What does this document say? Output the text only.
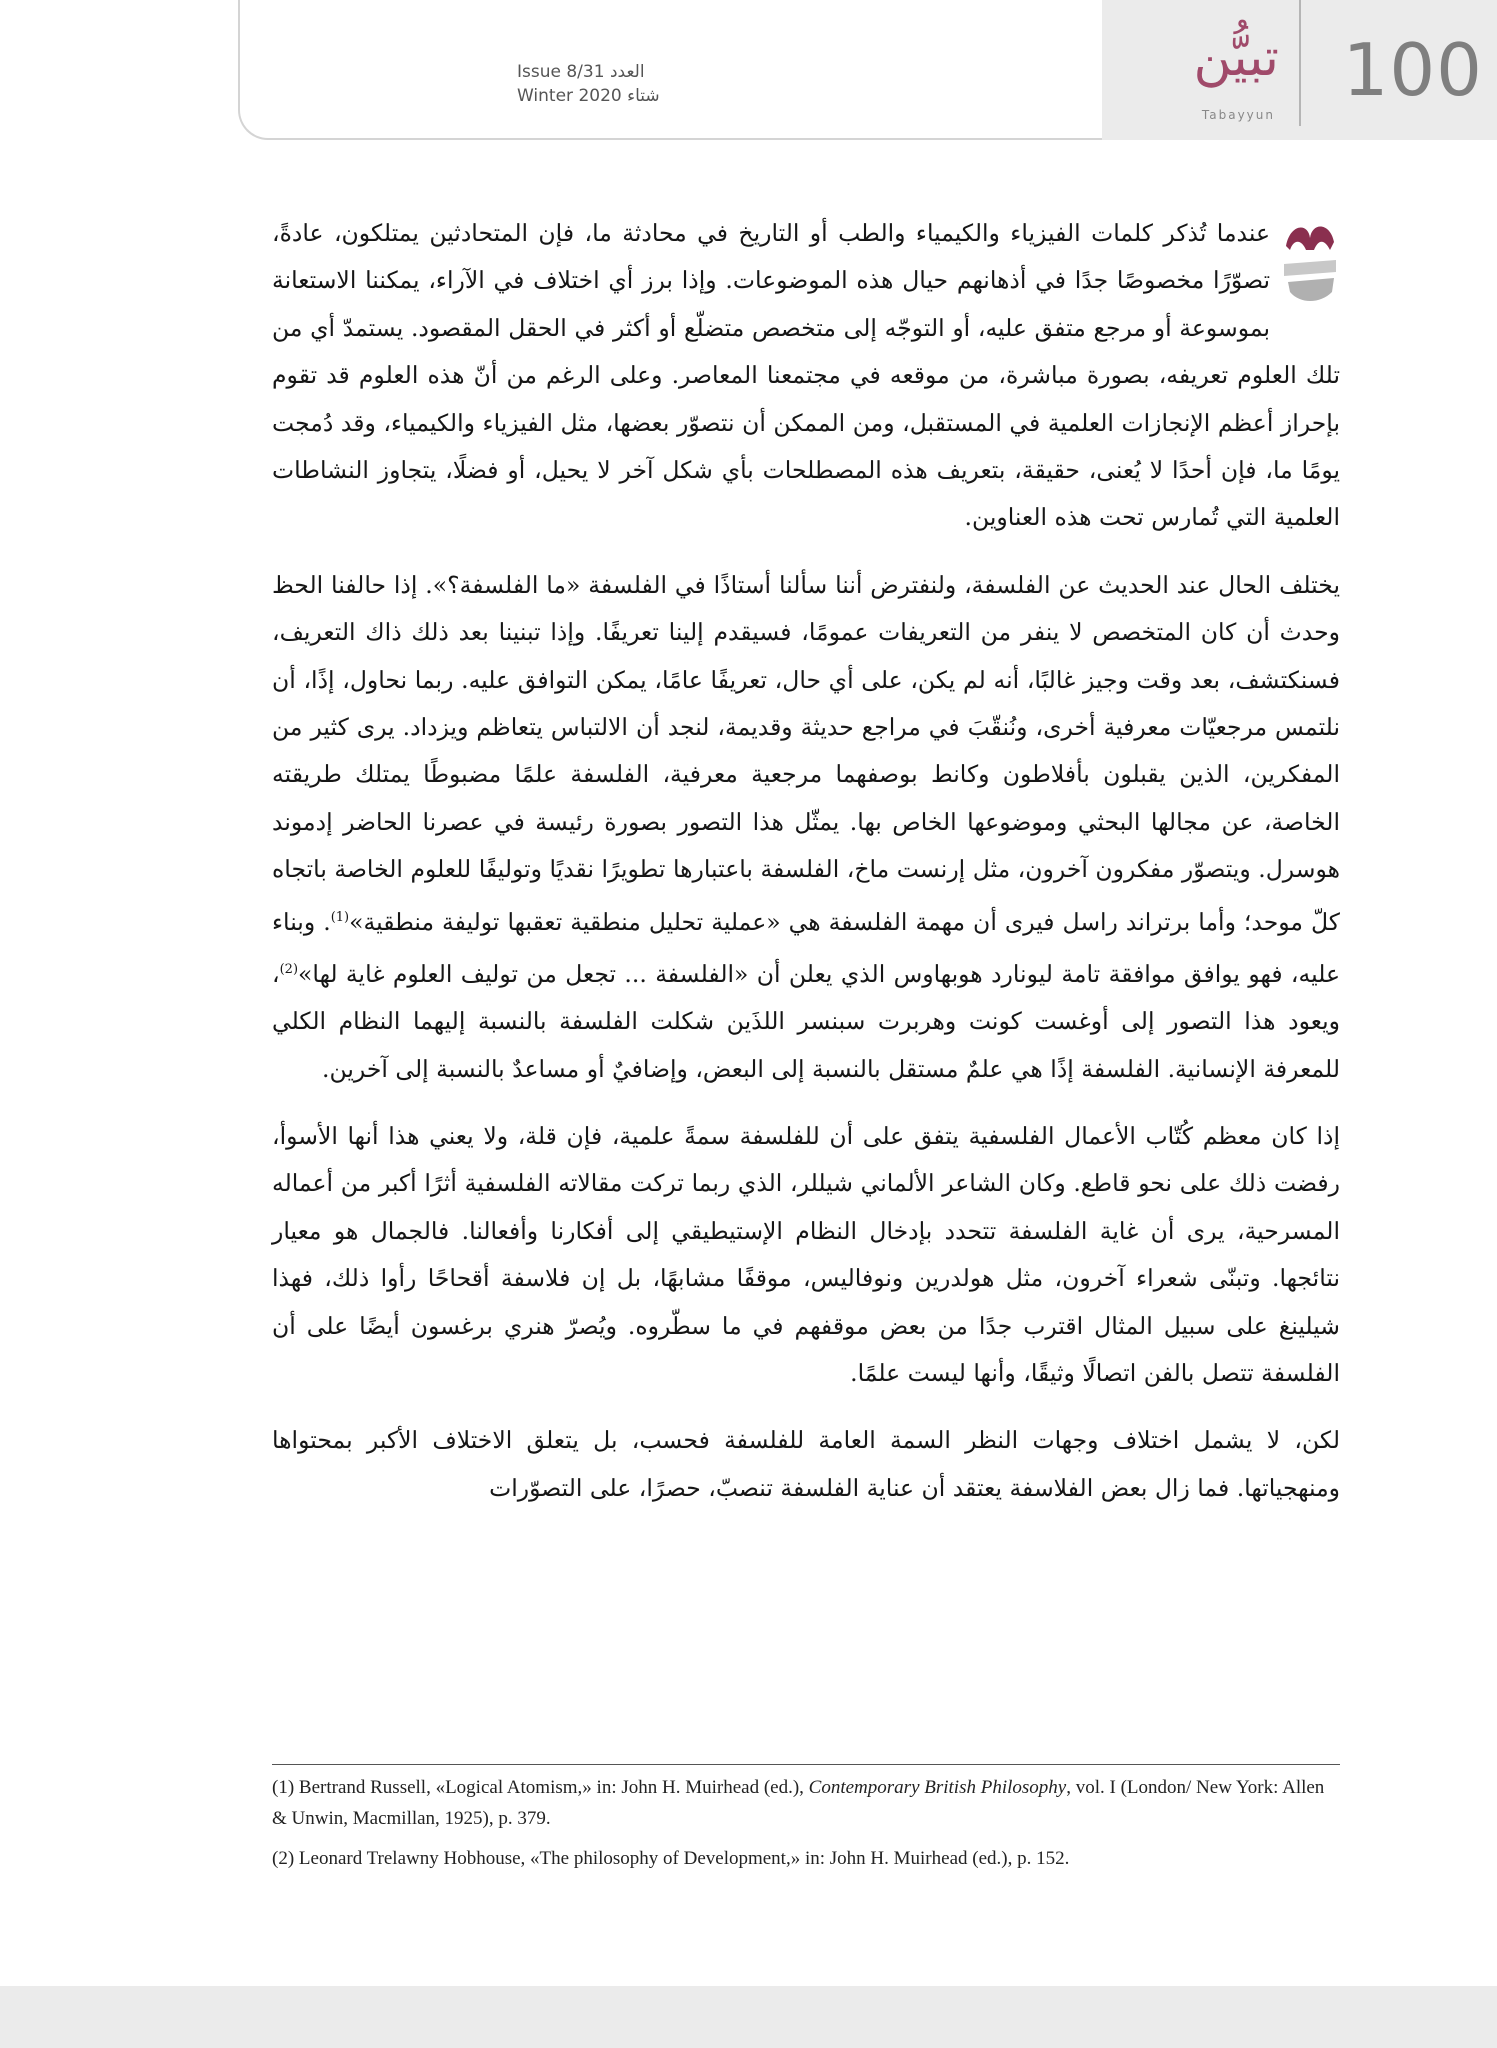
Issue 8/31 العدد
Winter 2020 شتاء
تبيُّن
Tabayyun
100

عندما تُذكر كلمات الفيزياء والكيمياء والطب أو التاريخ في محادثة ما، فإن المتحادثين يمتلكون، عادةً، تصوّرًا مخصوصًا جدًا في أذهانهم حيال هذه الموضوعات. وإذا برز أي اختلاف في الآراء، يمكننا الاستعانة بموسوعة أو مرجع متفق عليه، أو التوجّه إلى متخصص متضلّع أو أكثر في الحقل المقصود. يستمدّ أي من تلك العلوم تعريفه، بصورة مباشرة، من موقعه في مجتمعنا المعاصر. وعلى الرغم من أنّ هذه العلوم قد تقوم بإحراز أعظم الإنجازات العلمية في المستقبل، ومن الممكن أن نتصوّر بعضها، مثل الفيزياء والكيمياء، وقد دُمجت يومًا ما، فإن أحدًا لا يُعنى، حقيقة، بتعريف هذه المصطلحات بأي شكل آخر لا يحيل، أو فضلًا، يتجاوز النشاطات العلمية التي تُمارس تحت هذه العناوين.

يختلف الحال عند الحديث عن الفلسفة، ولنفترض أننا سألنا أستاذًا في الفلسفة «ما الفلسفة؟». إذا حالفنا الحظ وحدث أن كان المتخصص لا ينفر من التعريفات عمومًا، فسيقدم إلينا تعريفًا. وإذا تبنينا بعد ذلك ذاك التعريف، فسنكتشف، بعد وقت وجيز غالبًا، أنه لم يكن، على أي حال، تعريفًا عامًا، يمكن التوافق عليه. ربما نحاول، إذًا، أن نلتمس مرجعيّات معرفية أخرى، ونُنقّبَ في مراجع حديثة وقديمة، لنجد أن الالتباس يتعاظم ويزداد. يرى كثير من المفكرين، الذين يقبلون بأفلاطون وكانط بوصفهما مرجعية معرفية، الفلسفة علمًا مضبوطًا يمتلك طريقته الخاصة، عن مجالها البحثي وموضوعها الخاص بها. يمثّل هذا التصور بصورة رئيسة في عصرنا الحاضر إدموند هوسرل. ويتصوّر مفكرون آخرون، مثل إرنست ماخ، الفلسفة باعتبارها تطويرًا نقديًا وتوليفًا للعلوم الخاصة باتجاه كلّ موحد؛ وأما برتراند راسل فيرى أن مهمة الفلسفة هي «عملية تحليل منطقية تعقبها توليفة منطقية»$^{(1)}$. وبناء عليه، فهو يوافق موافقة تامة ليونارد هوبهاوس الذي يعلن أن «الفلسفة ... تجعل من توليف العلوم غاية لها»$^{(2)}$، ويعود هذا التصور إلى أوغست كونت وهربرت سبنسر اللذَين شكلت الفلسفة بالنسبة إليهما النظام الكلي للمعرفة الإنسانية. الفلسفة إذًا هي علمٌ مستقل بالنسبة إلى البعض، وإضافيٌ أو مساعدٌ بالنسبة إلى آخرين.

إذا كان معظم كُتّاب الأعمال الفلسفية يتفق على أن للفلسفة سمةً علمية، فإن قلة، ولا يعني هذا أنها الأسوأ، رفضت ذلك على نحو قاطع. وكان الشاعر الألماني شيللر، الذي ربما تركت مقالاته الفلسفية أثرًا أكبر من أعماله المسرحية، يرى أن غاية الفلسفة تتحدد بإدخال النظام الإستيطيقي إلى أفكارنا وأفعالنا. فالجمال هو معيار نتائجها. وتبنّى شعراء آخرون، مثل هولدرين ونوفاليس، موقفًا مشابهًا، بل إن فلاسفة أقحاحًا رأوا ذلك، فهذا شيلينغ على سبيل المثال اقترب جدًا من بعض موقفهم في ما سطّروه. ويُصرّ هنري برغسون أيضًا على أن الفلسفة تتصل بالفن اتصالًا وثيقًا، وأنها ليست علمًا.

لكن، لا يشمل اختلاف وجهات النظر السمة العامة للفلسفة فحسب، بل يتعلق الاختلاف الأكبر بمحتواها ومنهجياتها. فما زال بعض الفلاسفة يعتقد أن عناية الفلسفة تنصبّ، حصرًا، على التصوّرات

(1) Bertrand Russell, «Logical Atomism,» in: John H. Muirhead (ed.), Contemporary British Philosophy, vol. I (London/ New York: Allen & Unwin, Macmillan, 1925), p. 379.

(2) Leonard Trelawny Hobhouse, «The philosophy of Development,» in: John H. Muirhead (ed.), p. 152.
